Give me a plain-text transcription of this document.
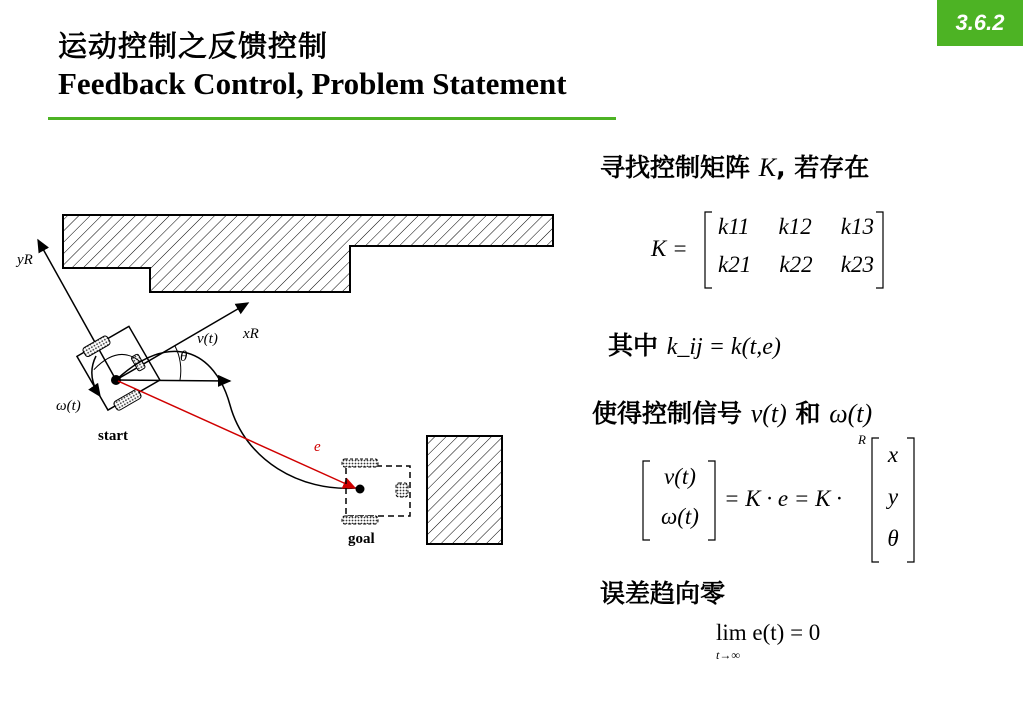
3.6.2
运动控制之反馈控制
Feedback Control, Problem Statement
yR
xR
v(t)
θ
ω(t)
start
goal
e
寻找控制矩阵 K, 若存在
K =
k11 k12 k13
k21 k22 k23
其中 k_ij = k(t,e)
使得控制信号 v(t) 和 ω(t)
v(t)
ω(t)
= K · e = K ·
R
x
y
θ
误差趋向零
lim e(t) = 0
t→∞
